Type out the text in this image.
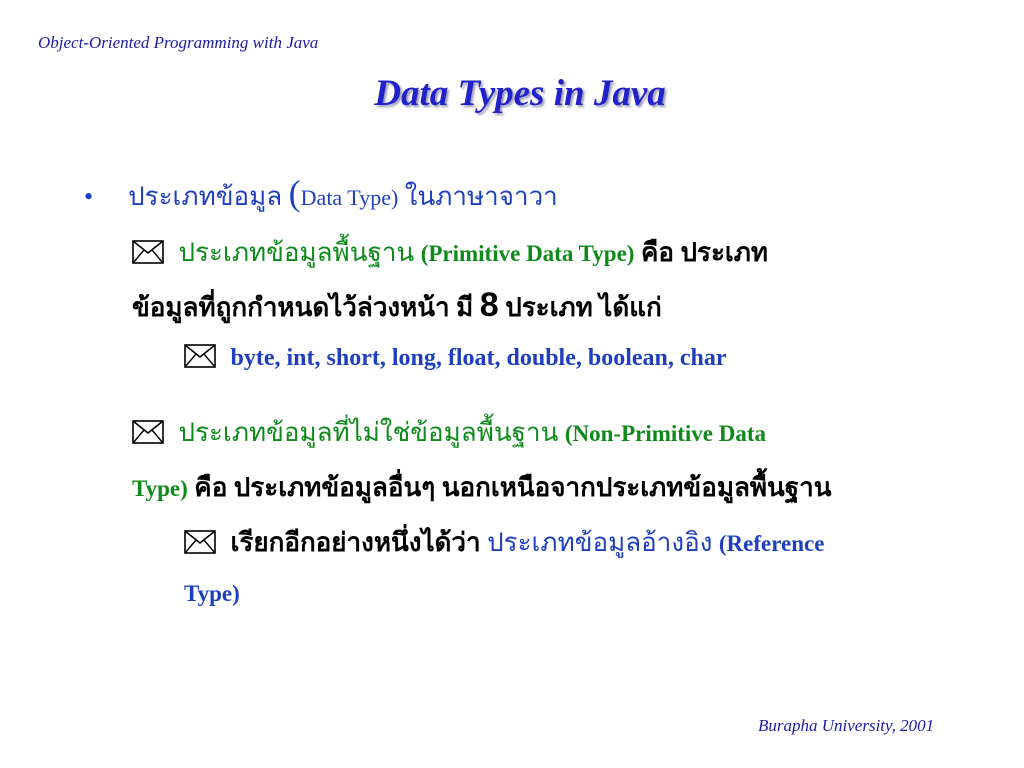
Object-Oriented Programming with Java
Data Types in Java
• ประเภทข้อมูล (Data Type) ในภาษาจาวา
ประเภทข้อมูลพื้นฐาน (Primitive Data Type) คือ ประเภท
ข้อมูลที่ถูกกำหนดไว้ล่วงหน้า มี 8 ประเภท ได้แก่
byte, int, short, long, float, double, boolean, char
ประเภทข้อมูลที่ไม่ใช่ข้อมูลพื้นฐาน (Non-Primitive Data
Type) คือ ประเภทข้อมูลอื่นๆ นอกเหนือจากประเภทข้อมูลพื้นฐาน
เรียกอีกอย่างหนึ่งได้ว่า ประเภทข้อมูลอ้างอิง (Reference
Type)
Burapha University, 2001
